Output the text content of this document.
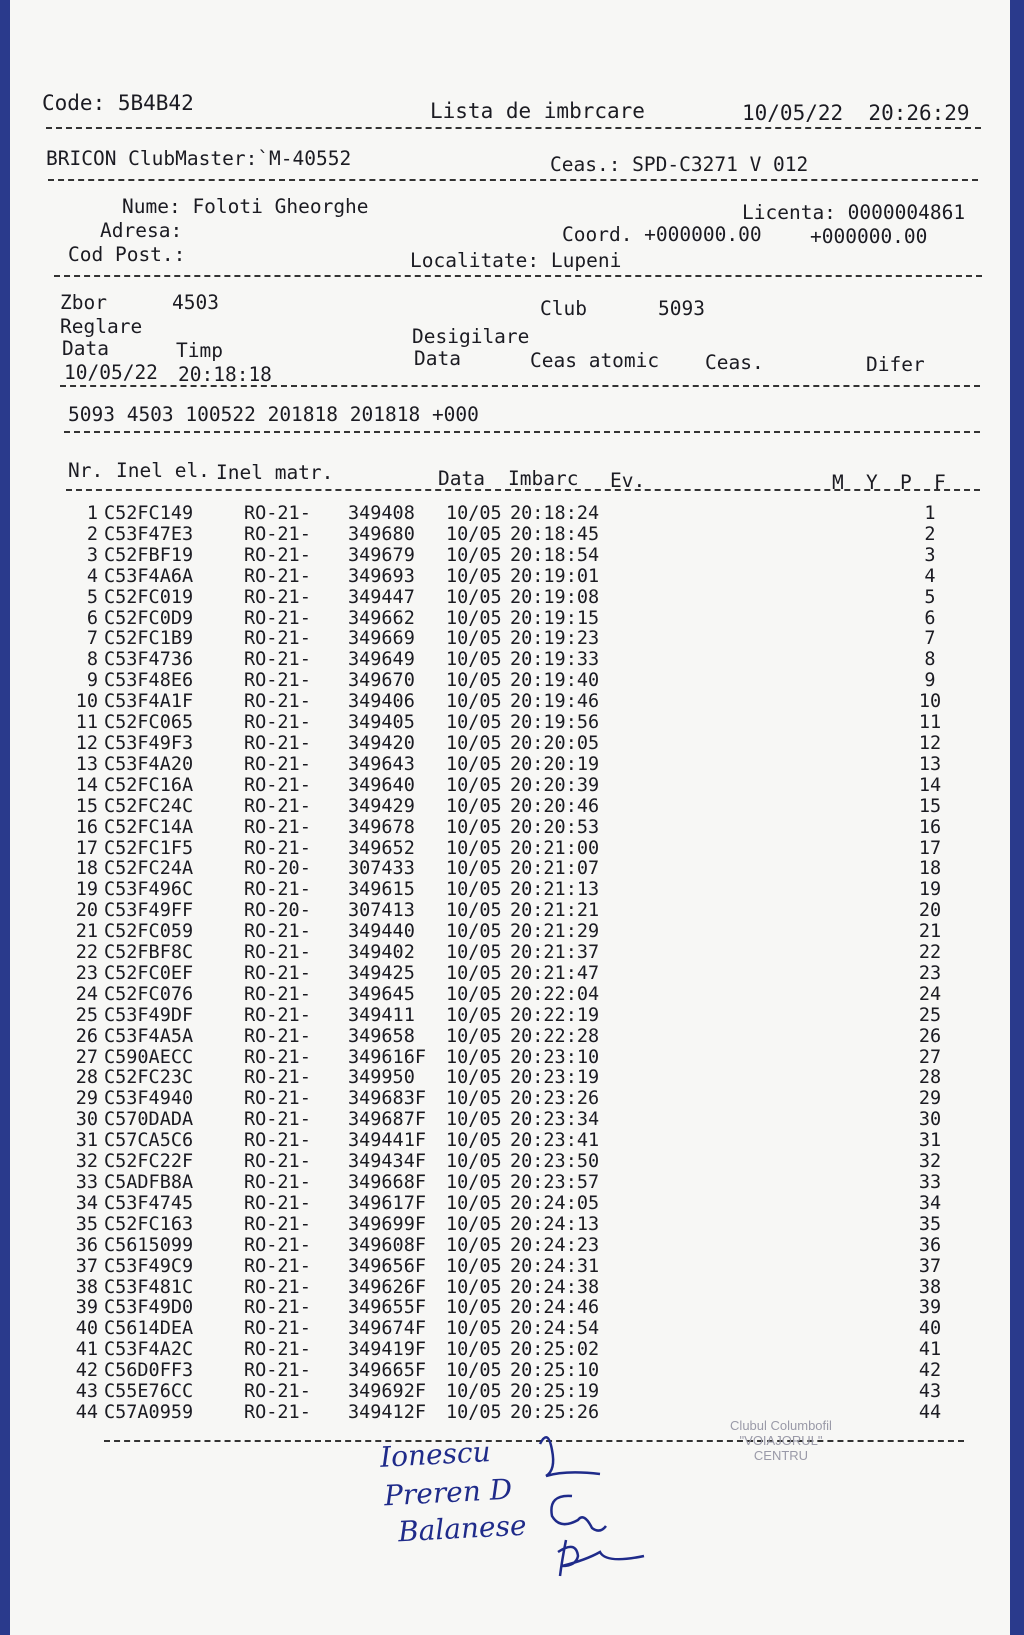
Code: 5B4B42	Lista de imbrcare	10/05/22  20:26:29
BRICON ClubMaster:`M-40552	Ceas.: SPD-C3271 V 012
Nume: Foloti Gheorghe	Licenta: 0000004861
Adresa:	Coord. +000000.00 +000000.00
Cod Post.:	Localitate: Lupeni
Zbor	4503	Club	5093
Reglare	Desigilare
Data	Timp	Data	Ceas atomic Ceas.	Difer
10/05/22 20:18:18
5093 4503 100522 201818 201818 +000
Nr. Inel el. Inel matr.	Data Imbarc Ev.	M Y P F
1	C52FC149	RO-21-	349408	10/05	20:18:24	1
2	C53F47E3	RO-21-	349680	10/05	20:18:45	2
3	C52FBF19	RO-21-	349679	10/05	20:18:54	3
4	C53F4A6A	RO-21-	349693	10/05	20:19:01	4
5	C52FC019	RO-21-	349447	10/05	20:19:08	5
6	C52FC0D9	RO-21-	349662	10/05	20:19:15	6
7	C52FC1B9	RO-21-	349669	10/05	20:19:23	7
8	C53F4736	RO-21-	349649	10/05	20:19:33	8
9	C53F48E6	RO-21-	349670	10/05	20:19:40	9
10	C53F4A1F	RO-21-	349406	10/05	20:19:46	10
11	C52FC065	RO-21-	349405	10/05	20:19:56	11
12	C53F49F3	RO-21-	349420	10/05	20:20:05	12
13	C53F4A20	RO-21-	349643	10/05	20:20:19	13
14	C52FC16A	RO-21-	349640	10/05	20:20:39	14
15	C52FC24C	RO-21-	349429	10/05	20:20:46	15
16	C52FC14A	RO-21-	349678	10/05	20:20:53	16
17	C52FC1F5	RO-21-	349652	10/05	20:21:00	17
18	C52FC24A	RO-20-	307433	10/05	20:21:07	18
19	C53F496C	RO-21-	349615	10/05	20:21:13	19
20	C53F49FF	RO-20-	307413	10/05	20:21:21	20
21	C52FC059	RO-21-	349440	10/05	20:21:29	21
22	C52FBF8C	RO-21-	349402	10/05	20:21:37	22
23	C52FC0EF	RO-21-	349425	10/05	20:21:47	23
24	C52FC076	RO-21-	349645	10/05	20:22:04	24
25	C53F49DF	RO-21-	349411	10/05	20:22:19	25
26	C53F4A5A	RO-21-	349658	10/05	20:22:28	26
27	C590AECC	RO-21-	349616F	10/05	20:23:10	27
28	C52FC23C	RO-21-	349950	10/05	20:23:19	28
29	C53F4940	RO-21-	349683F	10/05	20:23:26	29
30	C570DADA	RO-21-	349687F	10/05	20:23:34	30
31	C57CA5C6	RO-21-	349441F	10/05	20:23:41	31
32	C52FC22F	RO-21-	349434F	10/05	20:23:50	32
33	C5ADFB8A	RO-21-	349668F	10/05	20:23:57	33
34	C53F4745	RO-21-	349617F	10/05	20:24:05	34
35	C52FC163	RO-21-	349699F	10/05	20:24:13	35
36	C5615099	RO-21-	349608F	10/05	20:24:23	36
37	C53F49C9	RO-21-	349656F	10/05	20:24:31	37
38	C53F481C	RO-21-	349626F	10/05	20:24:38	38
39	C53F49D0	RO-21-	349655F	10/05	20:24:46	39
40	C5614DEA	RO-21-	349674F	10/05	20:24:54	40
41	C53F4A2C	RO-21-	349419F	10/05	20:25:02	41
42	C56D0FF3	RO-21-	349665F	10/05	20:25:10	42
43	C55E76CC	RO-21-	349692F	10/05	20:25:19	43
44	C57A0959	RO-21-	349412F	10/05	20:25:26	44
Clubul Columbofil
"VOIAJORUL"
CENTRU
Ionescu
Preren D
Balanese
